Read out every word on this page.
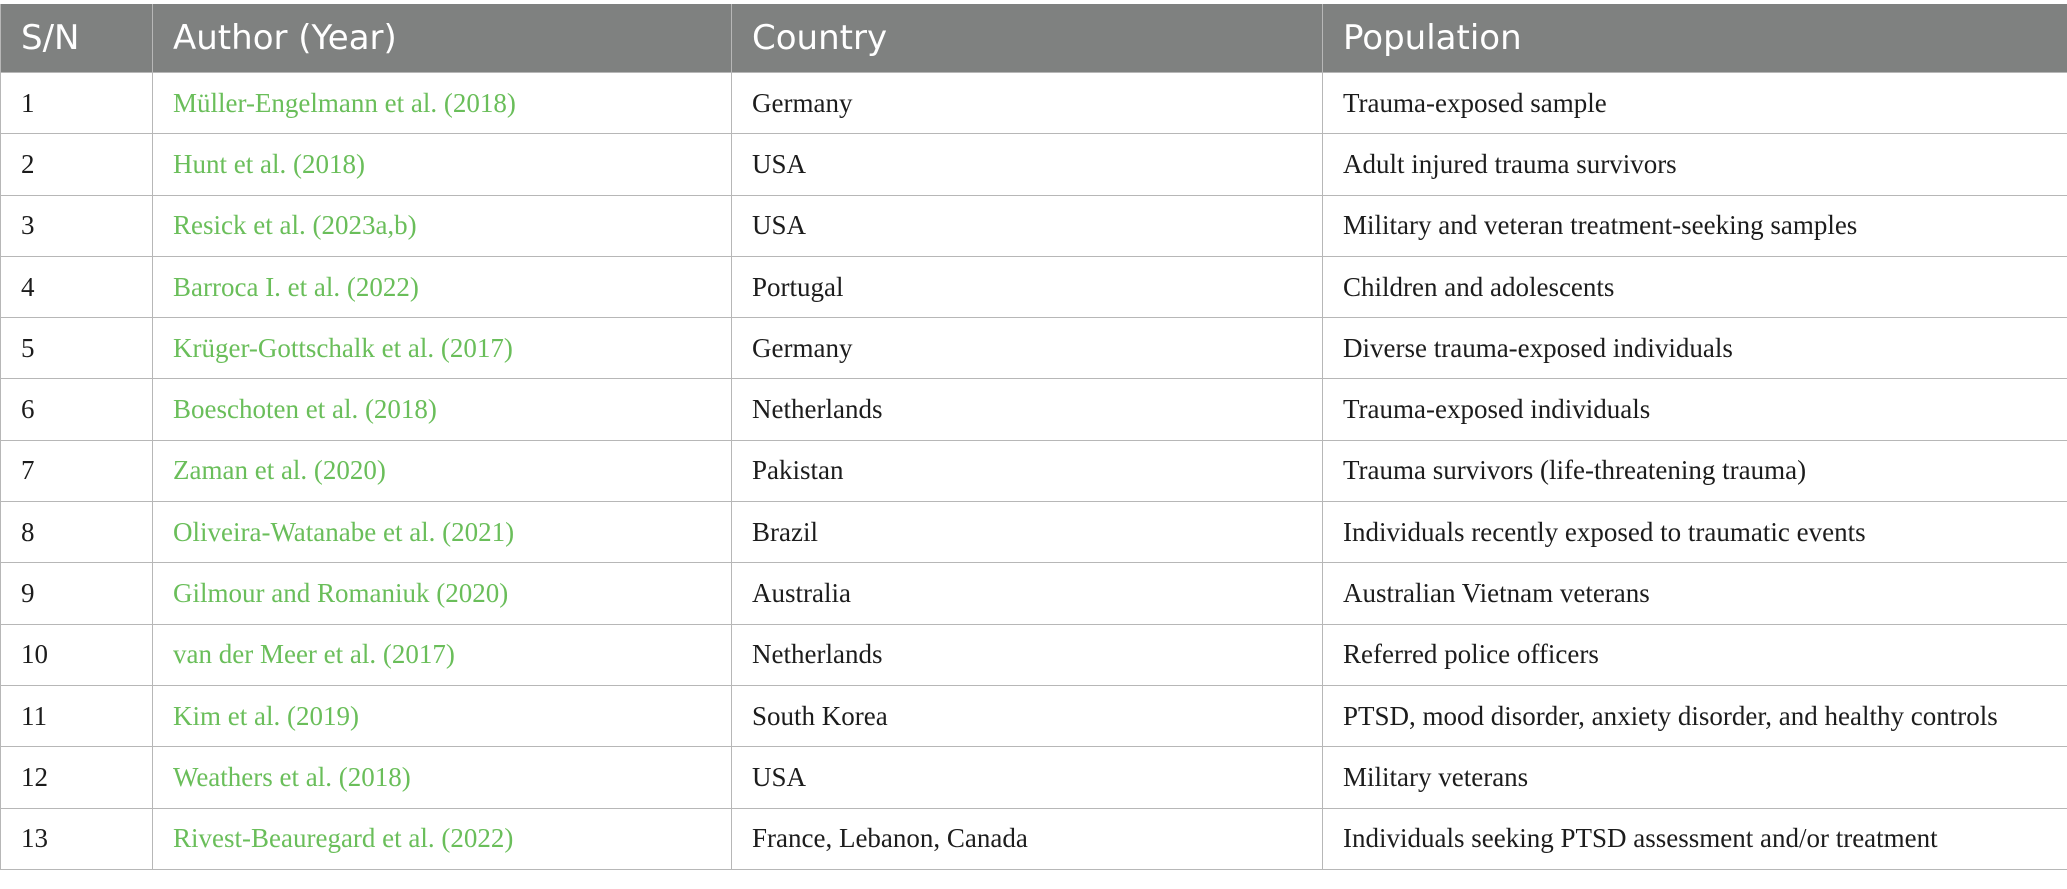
S/N	Author (Year)	Country	Population
1	Müller-Engelmann et al. (2018)	Germany	Trauma-exposed sample
2	Hunt et al. (2018)	USA	Adult injured trauma survivors
3	Resick et al. (2023a,b)	USA	Military and veteran treatment-seeking samples
4	Barroca I. et al. (2022)	Portugal	Children and adolescents
5	Krüger-Gottschalk et al. (2017)	Germany	Diverse trauma-exposed individuals
6	Boeschoten et al. (2018)	Netherlands	Trauma-exposed individuals
7	Zaman et al. (2020)	Pakistan	Trauma survivors (life-threatening trauma)
8	Oliveira-Watanabe et al. (2021)	Brazil	Individuals recently exposed to traumatic events
9	Gilmour and Romaniuk (2020)	Australia	Australian Vietnam veterans
10	van der Meer et al. (2017)	Netherlands	Referred police officers
11	Kim et al. (2019)	South Korea	PTSD, mood disorder, anxiety disorder, and healthy controls
12	Weathers et al. (2018)	USA	Military veterans
13	Rivest-Beauregard et al. (2022)	France, Lebanon, Canada	Individuals seeking PTSD assessment and/or treatment
